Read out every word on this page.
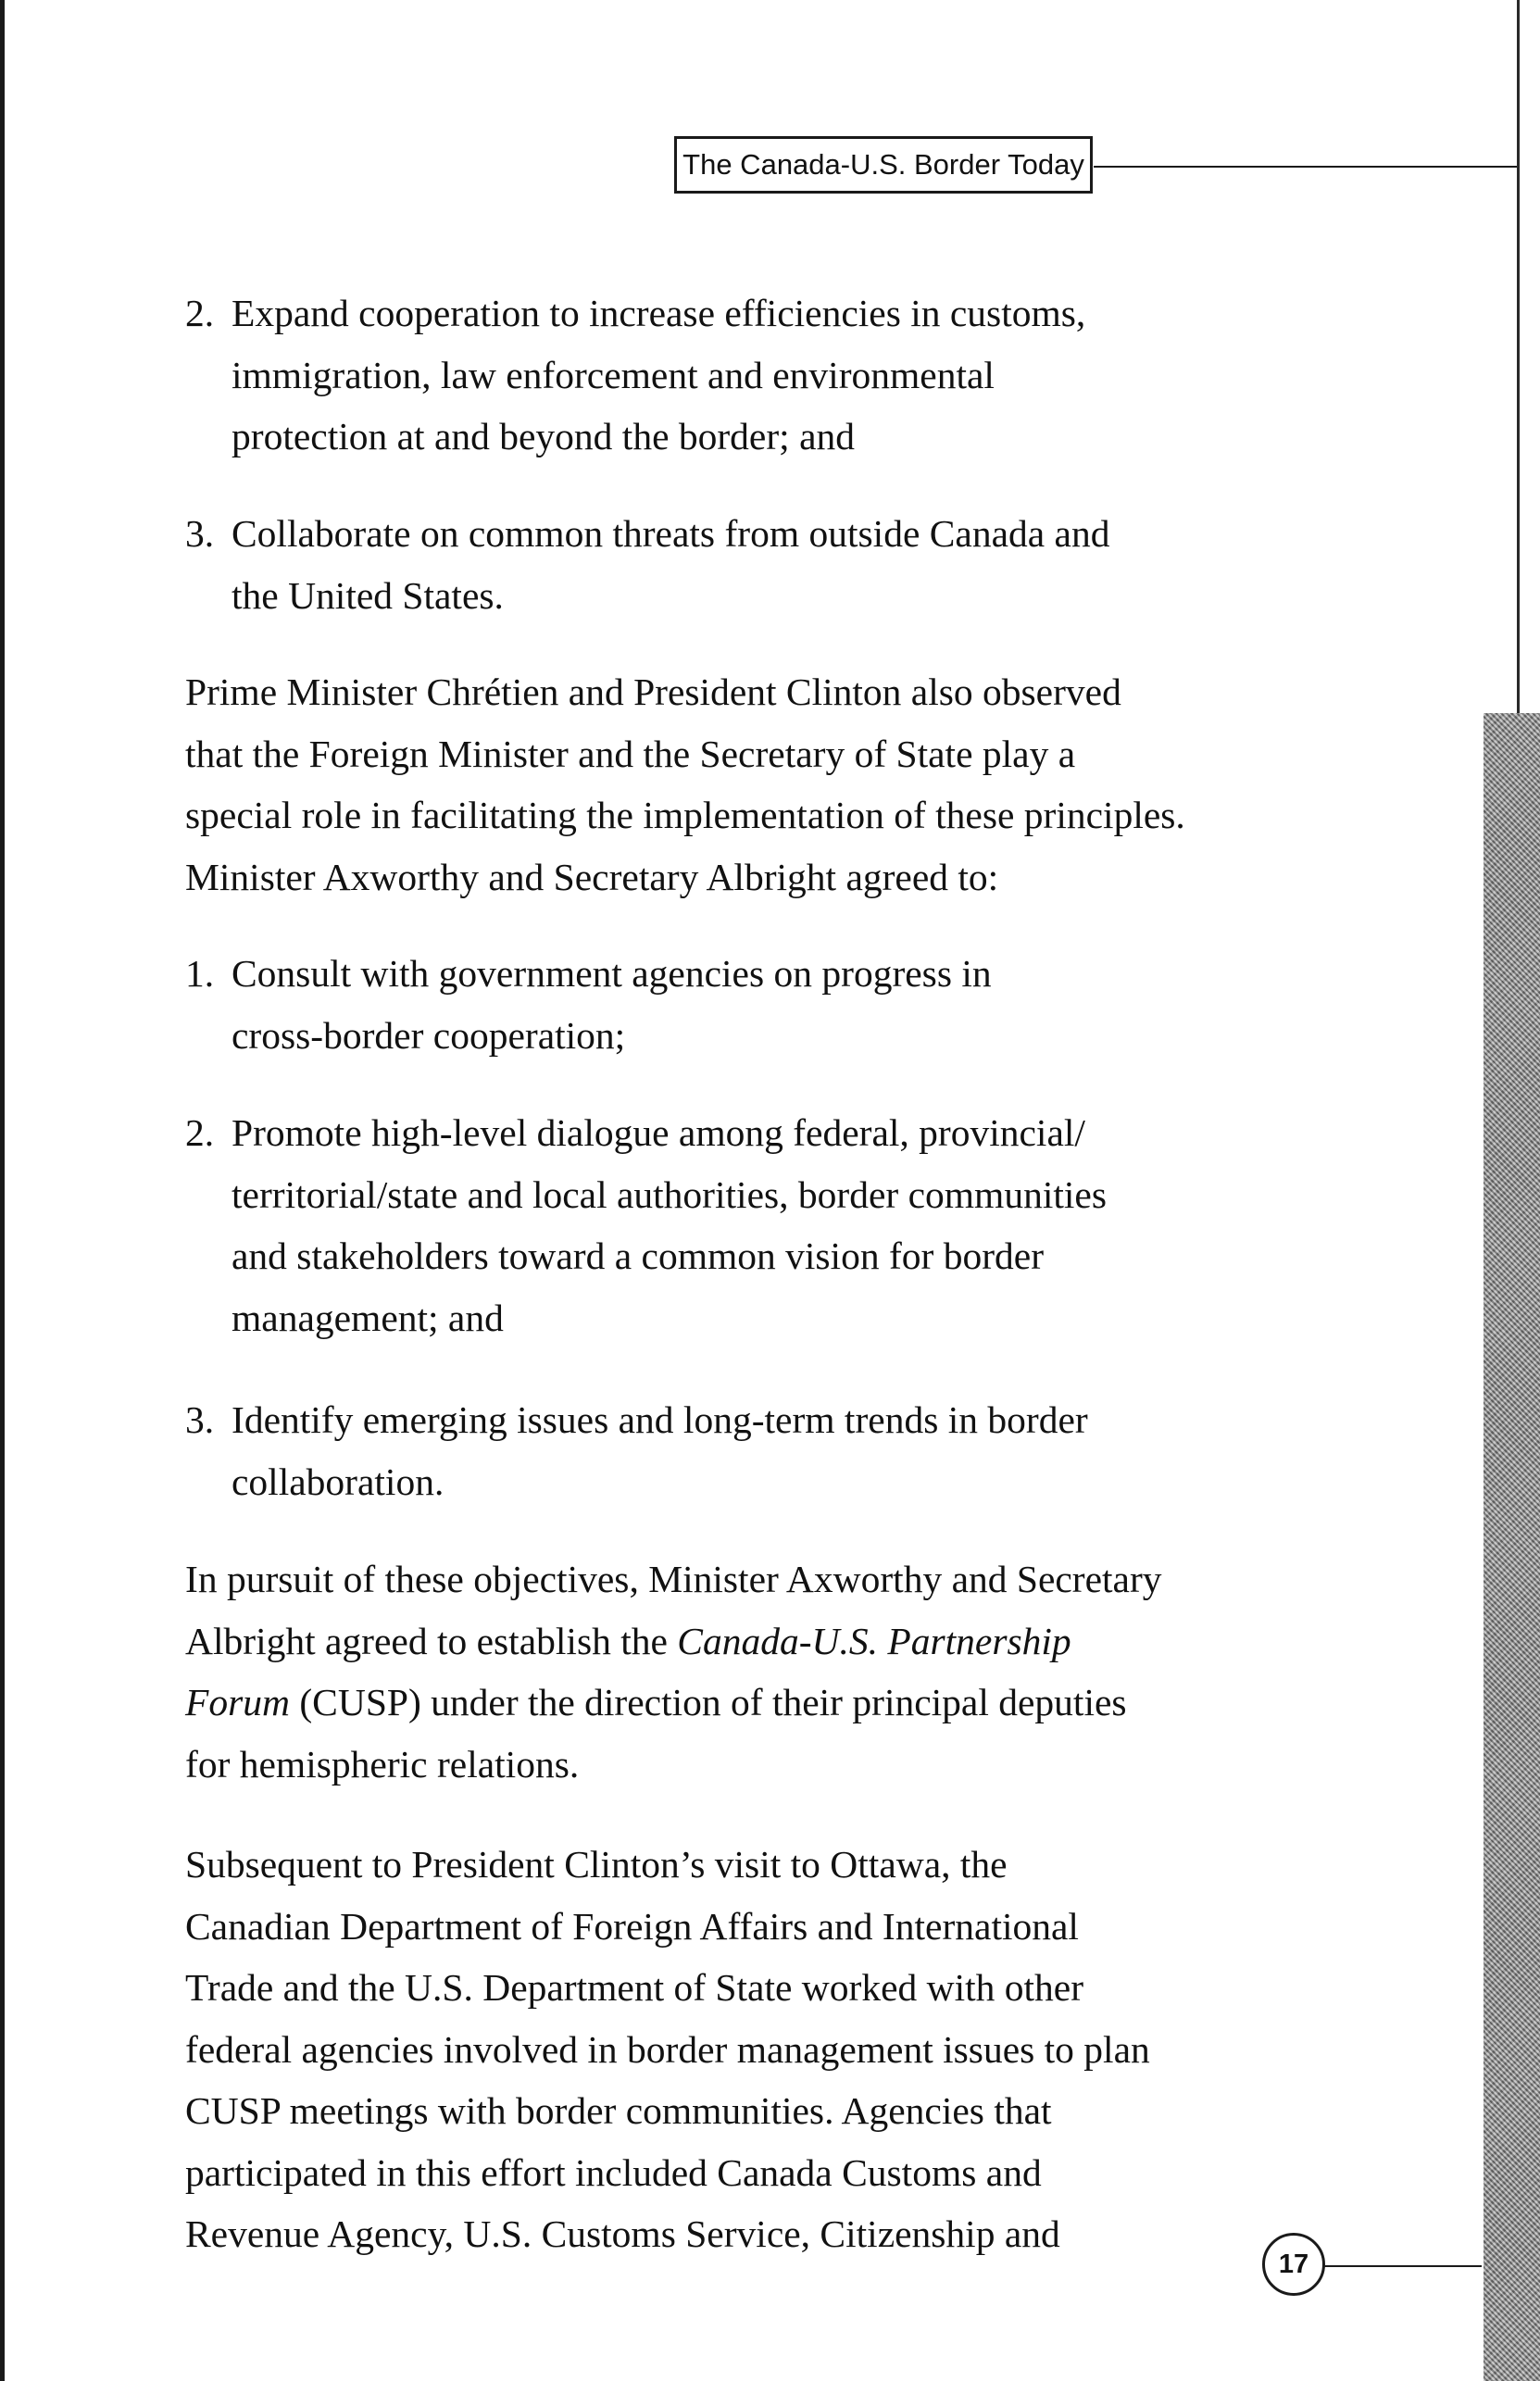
The Canada-U.S. Border Today
2. Expand cooperation to increase efficiencies in customs,
immigration, law enforcement and environmental
protection at and beyond the border; and
3. Collaborate on common threats from outside Canada and
the United States.
Prime Minister Chrétien and President Clinton also observed
that the Foreign Minister and the Secretary of State play a
special role in facilitating the implementation of these principles.
Minister Axworthy and Secretary Albright agreed to:
1. Consult with government agencies on progress in
cross-border cooperation;
2. Promote high-level dialogue among federal, provincial/
territorial/state and local authorities, border communities
and stakeholders toward a common vision for border
management; and
3. Identify emerging issues and long-term trends in border
collaboration.
In pursuit of these objectives, Minister Axworthy and Secretary
Albright agreed to establish the Canada-U.S. Partnership
Forum (CUSP) under the direction of their principal deputies
for hemispheric relations.
Subsequent to President Clinton’s visit to Ottawa, the
Canadian Department of Foreign Affairs and International
Trade and the U.S. Department of State worked with other
federal agencies involved in border management issues to plan
CUSP meetings with border communities. Agencies that
participated in this effort included Canada Customs and
Revenue Agency, U.S. Customs Service, Citizenship and
17
